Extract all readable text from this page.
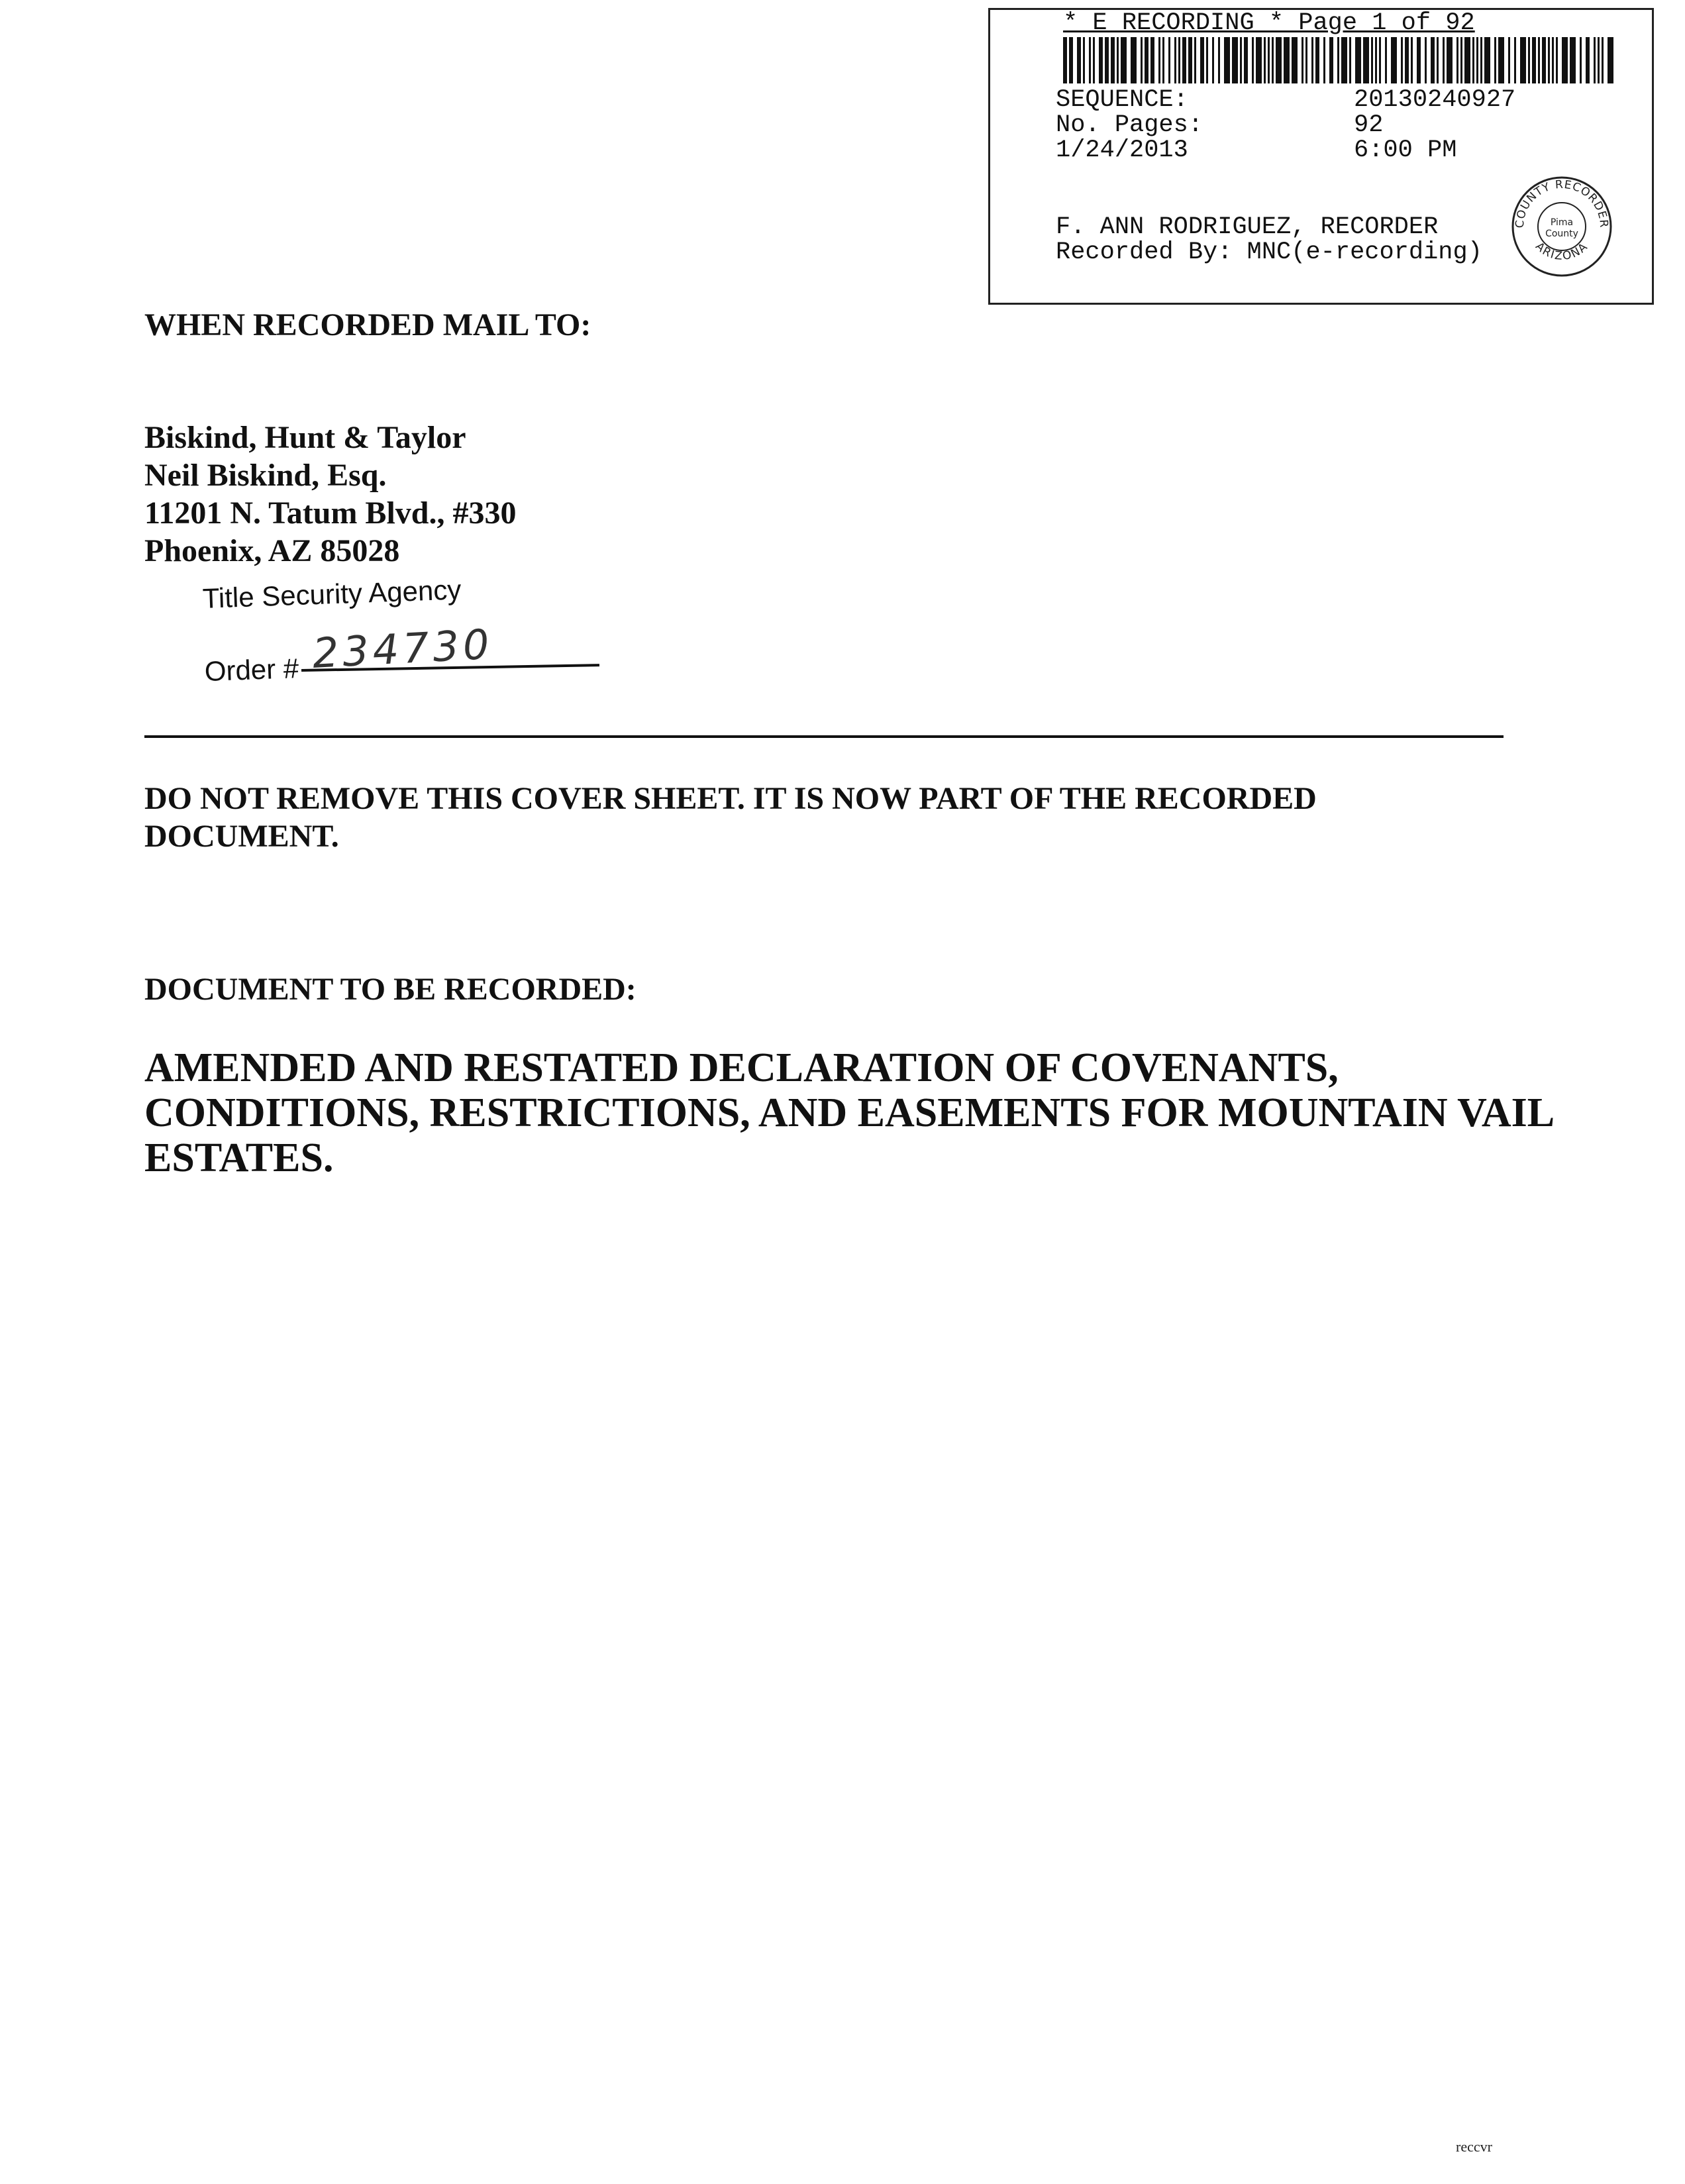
* E RECORDING * Page 1 of 92
SEQUENCE:	20130240927
No. Pages:	92
1/24/2013	6:00 PM
F. ANN RODRIGUEZ, RECORDER
Recorded By: MNC(e-recording)
COUNTY RECORDER
ARIZONA
Pima
County
WHEN RECORDED MAIL TO:
Biskind, Hunt & Taylor
Neil Biskind, Esq.
11201 N. Tatum Blvd., #330
Phoenix, AZ 85028
Title Security Agency
Order # 234730
DO NOT REMOVE THIS COVER SHEET. IT IS NOW PART OF THE RECORDED
DOCUMENT.
DOCUMENT TO BE RECORDED:
AMENDED AND RESTATED DECLARATION OF COVENANTS,
CONDITIONS, RESTRICTIONS, AND EASEMENTS FOR MOUNTAIN VAIL
ESTATES.
reccvr
